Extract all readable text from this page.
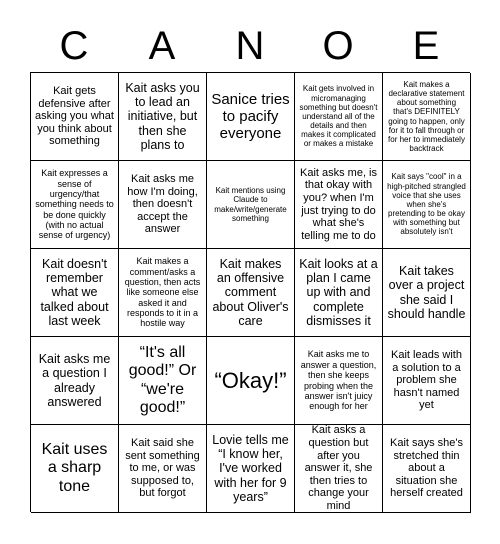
C	A	N	O	E
Kait gets defensive after asking you what you think about something
Kait asks you to lead an initiative, but then she plans to
Sanice tries to pacify everyone
Kait gets involved in micromanaging something but doesn't understand all of the details and then makes it complicated or makes a mistake
Kait makes a declarative statement about something that's DEFINITELY going to happen, only for it to fall through or for her to immediately backtrack
Kait expresses a sense of urgency/that something needs to be done quickly (with no actual sense of urgency)
Kait asks me how I'm doing, then doesn't accept the answer
Kait mentions using Claude to make/write/generate something
Kait asks me, is that okay with you? when I'm just trying to do what she's telling me to do
Kait says "cool" in a high-pitched strangled voice that she uses when she's pretending to be okay with something but absolutely isn't
Kait doesn't remember what we talked about last week
Kait makes a comment/asks a question, then acts like someone else asked it and responds to it in a hostile way
Kait makes an offensive comment about Oliver's care
Kait looks at a plan I came up with and complete dismisses it
Kait takes over a project she said I should handle
Kait asks me a question I already answered
“It's all good!” Or “we're good!”
“Okay!”
Kait asks me to answer a question, then she keeps probing when the answer isn't juicy enough for her
Kait leads with a solution to a problem she hasn't named yet
Kait uses a sharp tone
Kait said she sent something to me, or was supposed to, but forgot
Lovie tells me “I know her, I've worked with her for 9 years”
Kait asks a question but after you answer it, she then tries to change your mind
Kait says she's stretched thin about a situation she herself created
